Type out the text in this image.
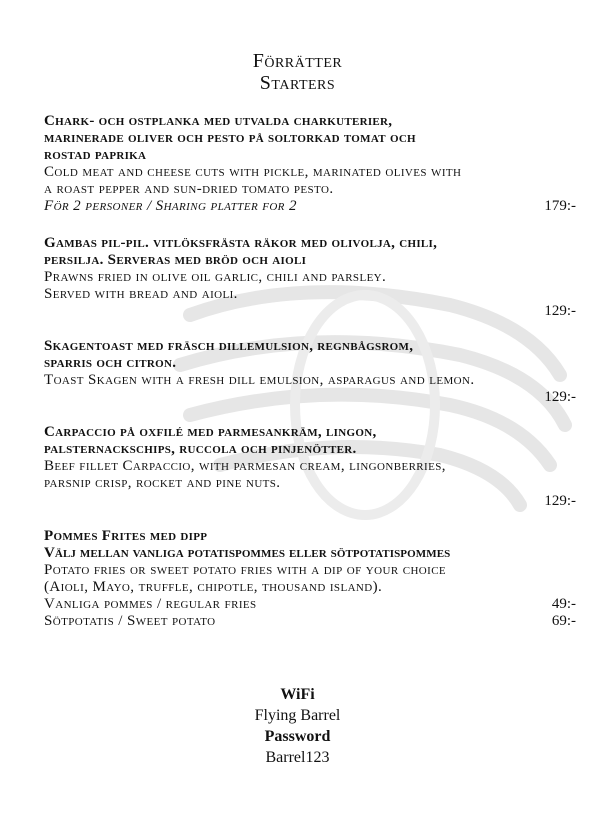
Förrätter
Starters
Chark- och ostplanka med utvalda charkuterier,
marinerade oliver och pesto på soltorkad tomat och
rostad paprika
Cold meat and cheese cuts with pickle, marinated olives with
a roast pepper and sun-dried tomato pesto.
För 2 personer / Sharing platter for 2	179:-
Gambas pil-pil. vitlöksfrästa räkor med olivolja, chili,
persilja. Serveras med bröd och aioli
Prawns fried in olive oil garlic, chili and parsley.
Served with bread and aioli.
129:-
Skagentoast med fräsch dillemulsion, regnbågsrom,
sparris och citron.
Toast Skagen with a fresh dill emulsion, asparagus and lemon.
129:-
Carpaccio på oxfilé med parmesankräm, lingon,
palsternackschips, ruccola och pinjenötter.
Beef fillet Carpaccio, with parmesan cream, lingonberries,
parsnip crisp, rocket and pine nuts.
129:-
Pommes Frites med dipp
Välj mellan vanliga potatispommes eller sötpotatispommes
Potato fries or sweet potato fries with a dip of your choice
(Aioli, Mayo, truffle, chipotle, thousand island).
Vanliga pommes / regular fries	49:-
Sötpotatis / Sweet potato	69:-
WiFi
Flying Barrel
Password
Barrel123
